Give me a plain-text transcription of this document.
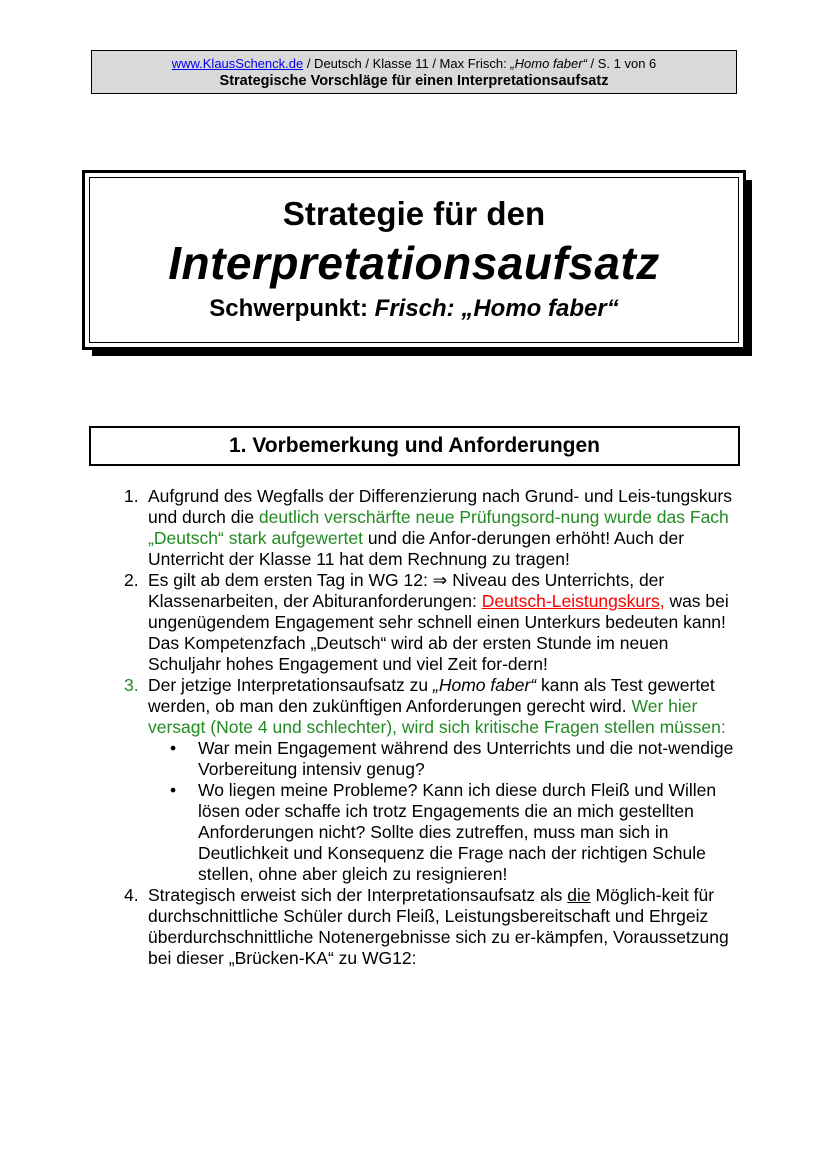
www.KlausSchenck.de / Deutsch / Klasse 11 / Max Frisch: „Homo faber“ / S. 1 von 6
Strategische Vorschläge für einen Interpretationsaufsatz
Strategie für den
Interpretationsaufsatz
Schwerpunkt: Frisch: „Homo faber“
1. Vorbemerkung und Anforderungen
1. Aufgrund des Wegfalls der Differenzierung nach Grund- und Leis-tungskurs und durch die deutlich verschärfte neue Prüfungsord-nung wurde das Fach „Deutsch“ stark aufgewertet und die Anfor-derungen erhöht! Auch der Unterricht der Klasse 11 hat dem Rechnung zu tragen!
2. Es gilt ab dem ersten Tag in WG 12: ⇒ Niveau des Unterrichts, der Klassenarbeiten, der Abituranforderungen: Deutsch-Leistungskurs, was bei ungenügendem Engagement sehr schnell einen Unterkurs bedeuten kann! Das Kompetenzfach „Deutsch“ wird ab der ersten Stunde im neuen Schuljahr hohes Engagement und viel Zeit for-dern!
3. Der jetzige Interpretationsaufsatz zu „Homo faber“ kann als Test gewertet werden, ob man den zukünftigen Anforderungen gerecht wird. Wer hier versagt (Note 4 und schlechter), wird sich kritische Fragen stellen müssen:
• War mein Engagement während des Unterrichts und die not-wendige Vorbereitung intensiv genug?
• Wo liegen meine Probleme? Kann ich diese durch Fleiß und Willen lösen oder schaffe ich trotz Engagements die an mich gestellten Anforderungen nicht? Sollte dies zutreffen, muss man sich in Deutlichkeit und Konsequenz die Frage nach der richtigen Schule stellen, ohne aber gleich zu resignieren!
4. Strategisch erweist sich der Interpretationsaufsatz als die Möglich-keit für durchschnittliche Schüler durch Fleiß, Leistungsbereitschaft und Ehrgeiz überdurchschnittliche Notenergebnisse sich zu er-kämpfen, Voraussetzung bei dieser „Brücken-KA“ zu WG12:
